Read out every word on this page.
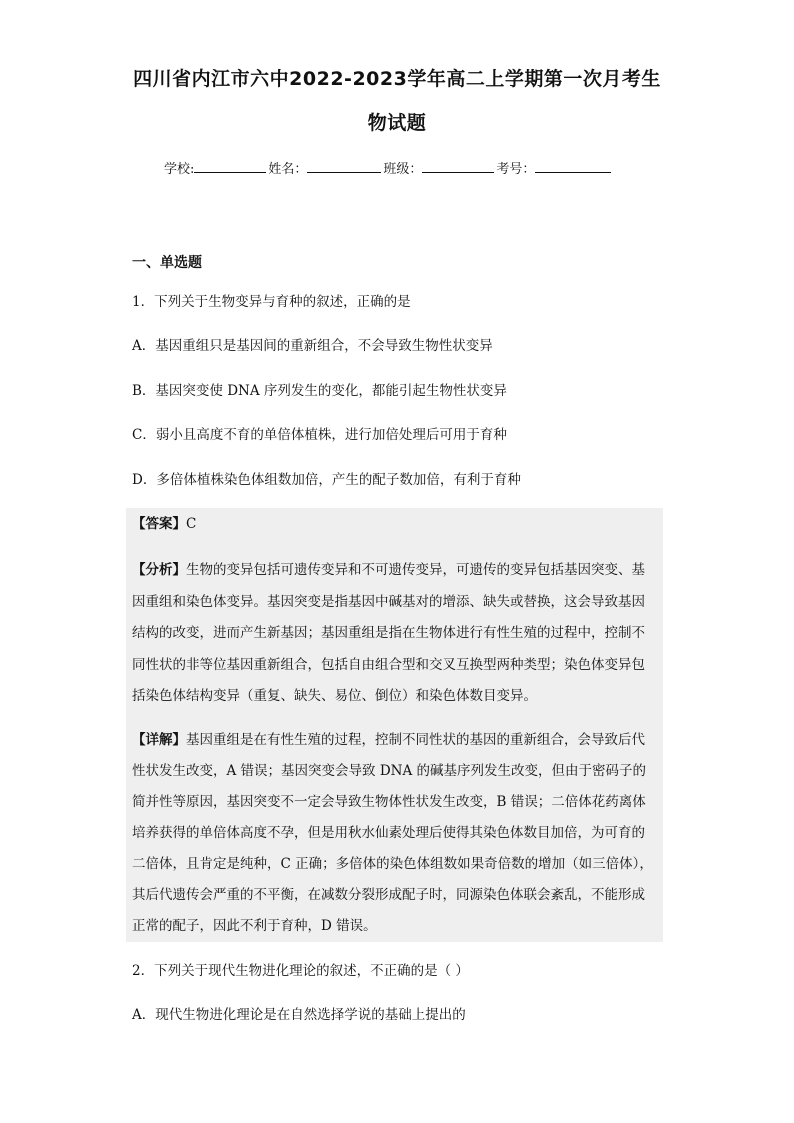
四川省内江市六中2022-2023学年高二上学期第一次月考生
物试题
学校:	姓名：	班级：	考号：
一、单选题
1．下列关于生物变异与育种的叙述，正确的是
A．基因重组只是基因间的重新组合，不会导致生物性状变异
B．基因突变使 DNA 序列发生的变化，都能引起生物性状变异
C．弱小且高度不育的单倍体植株，进行加倍处理后可用于育种
D．多倍体植株染色体组数加倍，产生的配子数加倍，有利于育种
【答案】C
【分析】生物的变异包括可遗传变异和不可遗传变异，可遗传的变异包括基因突变、基
因重组和染色体变异。基因突变是指基因中碱基对的增添、缺失或替换，这会导致基因
结构的改变，进而产生新基因；基因重组是指在生物体进行有性生殖的过程中，控制不
同性状的非等位基因重新组合，包括自由组合型和交叉互换型两种类型；染色体变异包
括染色体结构变异（重复、缺失、易位、倒位）和染色体数目变异。
【详解】基因重组是在有性生殖的过程，控制不同性状的基因的重新组合，会导致后代
性状发生改变，A 错误；基因突变会导致 DNA 的碱基序列发生改变，但由于密码子的
简并性等原因，基因突变不一定会导致生物体性状发生改变，B 错误；二倍体花药离体
培养获得的单倍体高度不孕，但是用秋水仙素处理后使得其染色体数目加倍，为可育的
二倍体，且肯定是纯种，C 正确；多倍体的染色体组数如果奇倍数的增加（如三倍体），
其后代遗传会严重的不平衡，在减数分裂形成配子时，同源染色体联会紊乱，不能形成
正常的配子，因此不利于育种，D 错误。
2．下列关于现代生物进化理论的叙述，不正确的是（ ）
A．现代生物进化理论是在自然选择学说的基础上提出的
